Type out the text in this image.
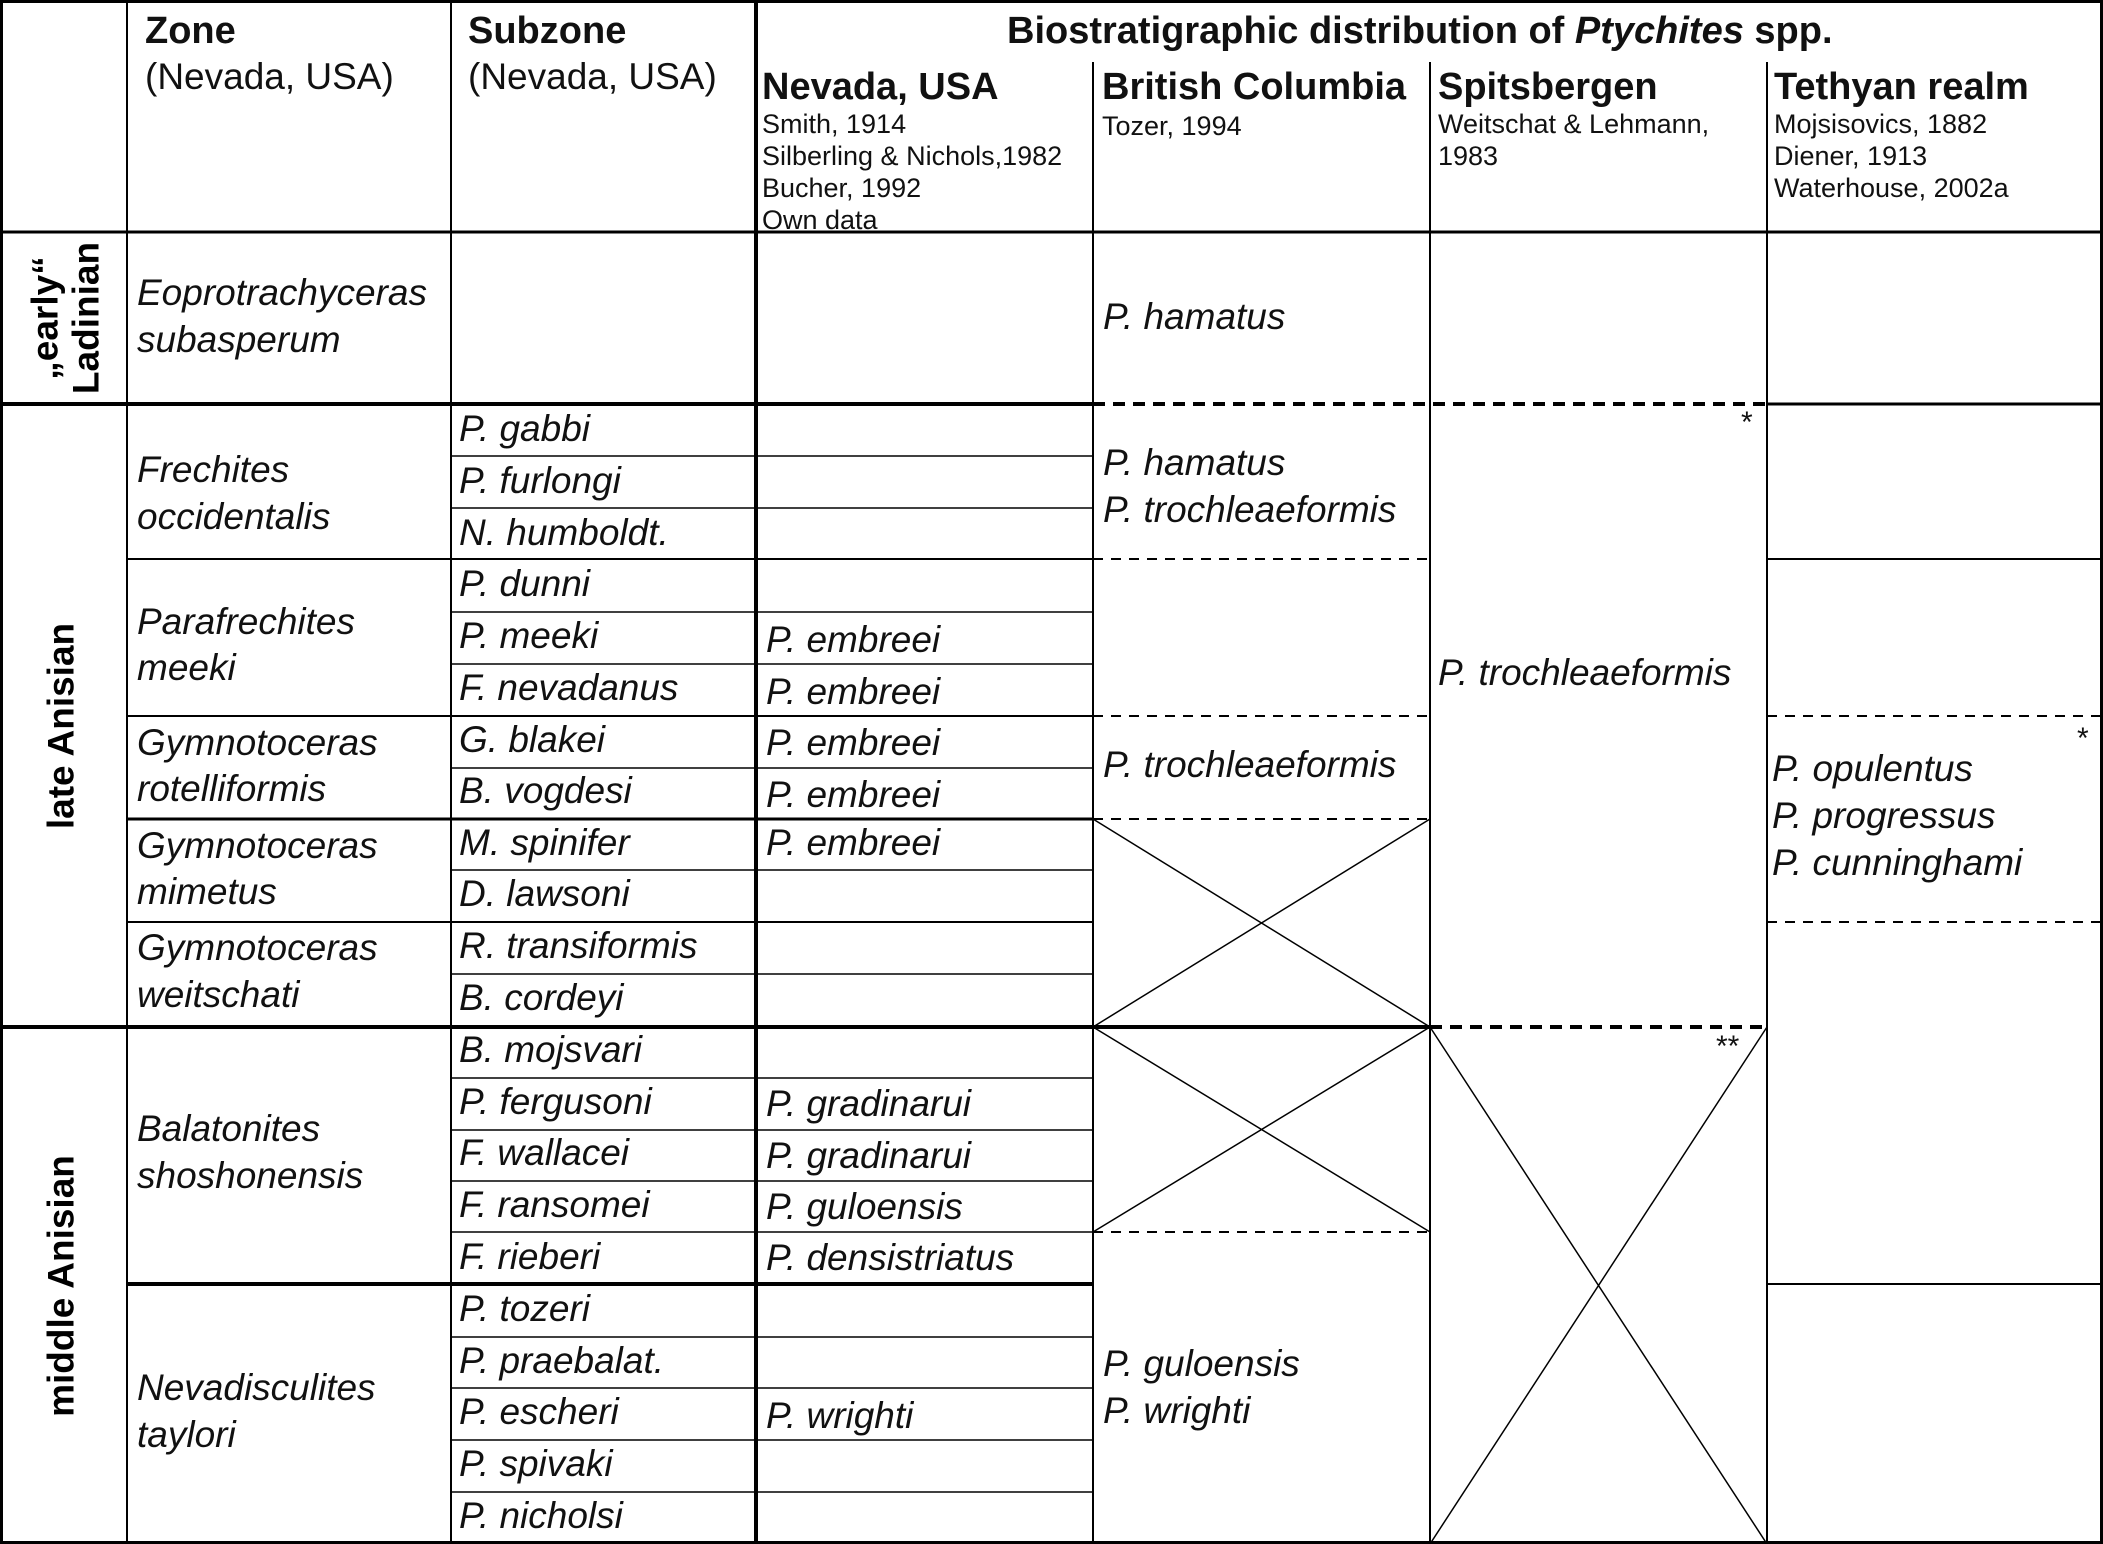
Zone
(Nevada, USA)
Subzone
(Nevada, USA)
Biostratigraphic distribution of Ptychites spp.
Nevada, USA
Smith, 1914
Silberling & Nichols,1982
Bucher, 1992
Own data
British Columbia
Tozer, 1994
Spitsbergen
Weitschat & Lehmann,
1983
Tethyan realm
Mojsisovics, 1882
Diener, 1913
Waterhouse, 2002a
„early“ Ladinian
late Anisian
middle Anisian
Eoprotrachyceras
subasperum
Frechites
occidentalis
Parafrechites
meeki
Gymnotoceras
rotelliformis
Gymnotoceras
mimetus
Gymnotoceras
weitschati
Balatonites
shoshonensis
Nevadisculites
taylori
P. gabbi
P. furlongi
N. humboldt.
P. dunni
P. meeki
F. nevadanus
G. blakei
B. vogdesi
M. spinifer
D. lawsoni
R. transiformis
B. cordeyi
B. mojsvari
P. fergusoni
F. wallacei
F. ransomei
F. rieberi
P. tozeri
P. praebalat.
P. escheri
P. spivaki
P. nicholsi
P. embreei
P. embreei
P. embreei
P. embreei
P. embreei
P. gradinarui
P. gradinarui
P. guloensis
P. densistriatus
P. wrighti
P. hamatus
P. hamatus
P. trochleaeformis
P. trochleaeformis
P. guloensis
P. wrighti
P. trochleaeformis
*
**
*
P. opulentus
P. progressus
P. cunninghami
